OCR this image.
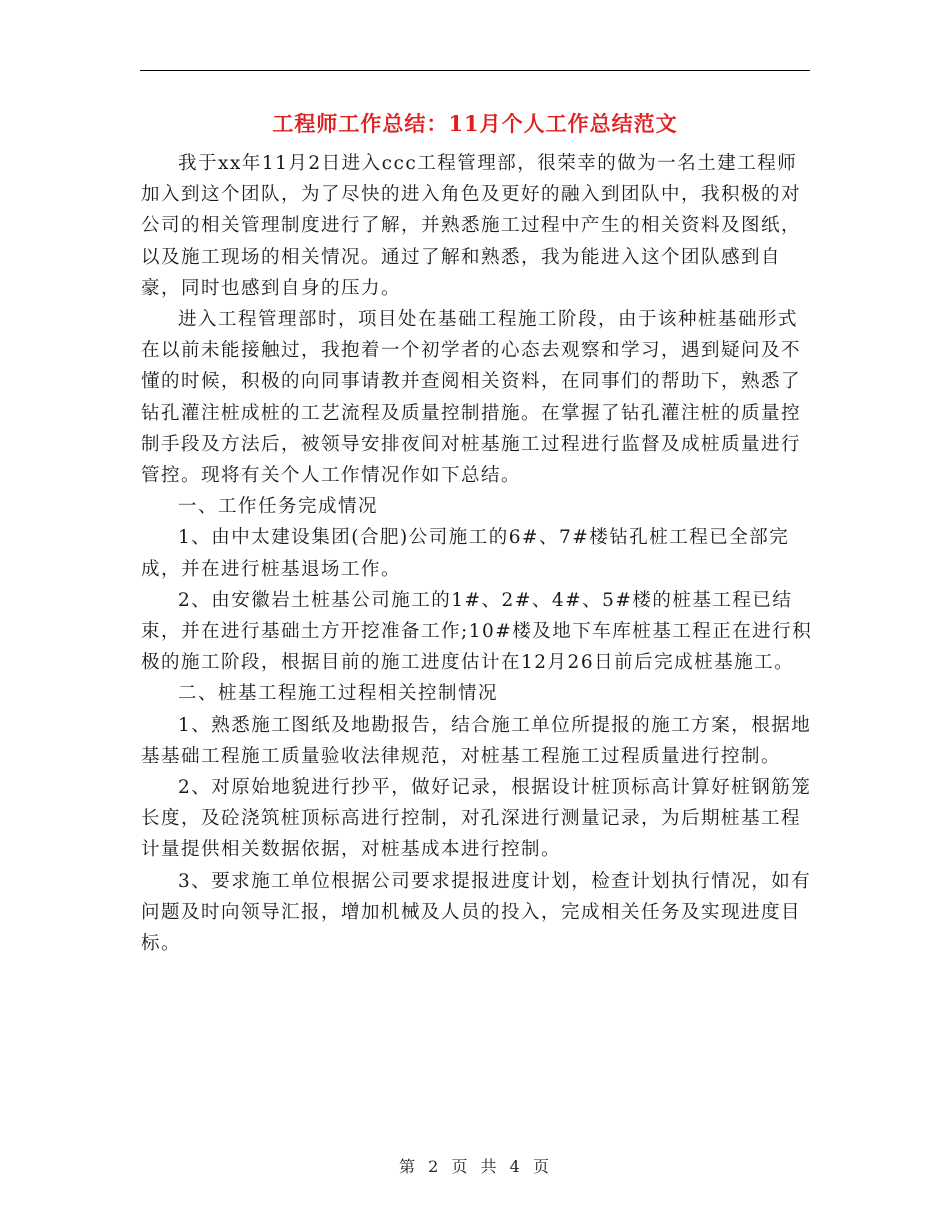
工程师工作总结：11月个人工作总结范文

我于xx年11月2日进入ccc工程管理部，很荣幸的做为一名土建工程师加入到这个团队，为了尽快的进入角色及更好的融入到团队中，我积极的对公司的相关管理制度进行了解，并熟悉施工过程中产生的相关资料及图纸，以及施工现场的相关情况。通过了解和熟悉，我为能进入这个团队感到自豪，同时也感到自身的压力。

进入工程管理部时，项目处在基础工程施工阶段，由于该种桩基础形式在以前未能接触过，我抱着一个初学者的心态去观察和学习，遇到疑问及不懂的时候，积极的向同事请教并查阅相关资料，在同事们的帮助下，熟悉了钻孔灌注桩成桩的工艺流程及质量控制措施。在掌握了钻孔灌注桩的质量控制手段及方法后，被领导安排夜间对桩基施工过程进行监督及成桩质量进行管控。现将有关个人工作情况作如下总结。

一、工作任务完成情况

1、由中太建设集团(合肥)公司施工的6#、7#楼钻孔桩工程已全部完成，并在进行桩基退场工作。

2、由安徽岩土桩基公司施工的1#、2#、4#、5#楼的桩基工程已结束，并在进行基础土方开挖准备工作;10#楼及地下车库桩基工程正在进行积极的施工阶段，根据目前的施工进度估计在12月26日前后完成桩基施工。

二、桩基工程施工过程相关控制情况

1、熟悉施工图纸及地勘报告，结合施工单位所提报的施工方案，根据地基基础工程施工质量验收法律规范，对桩基工程施工过程质量进行控制。

2、对原始地貌进行抄平，做好记录，根据设计桩顶标高计算好桩钢筋笼长度，及砼浇筑桩顶标高进行控制，对孔深进行测量记录，为后期桩基工程计量提供相关数据依据，对桩基成本进行控制。

3、要求施工单位根据公司要求提报进度计划，检查计划执行情况，如有问题及时向领导汇报，增加机械及人员的投入，完成相关任务及实现进度目标。

第 2 页 共 4 页
